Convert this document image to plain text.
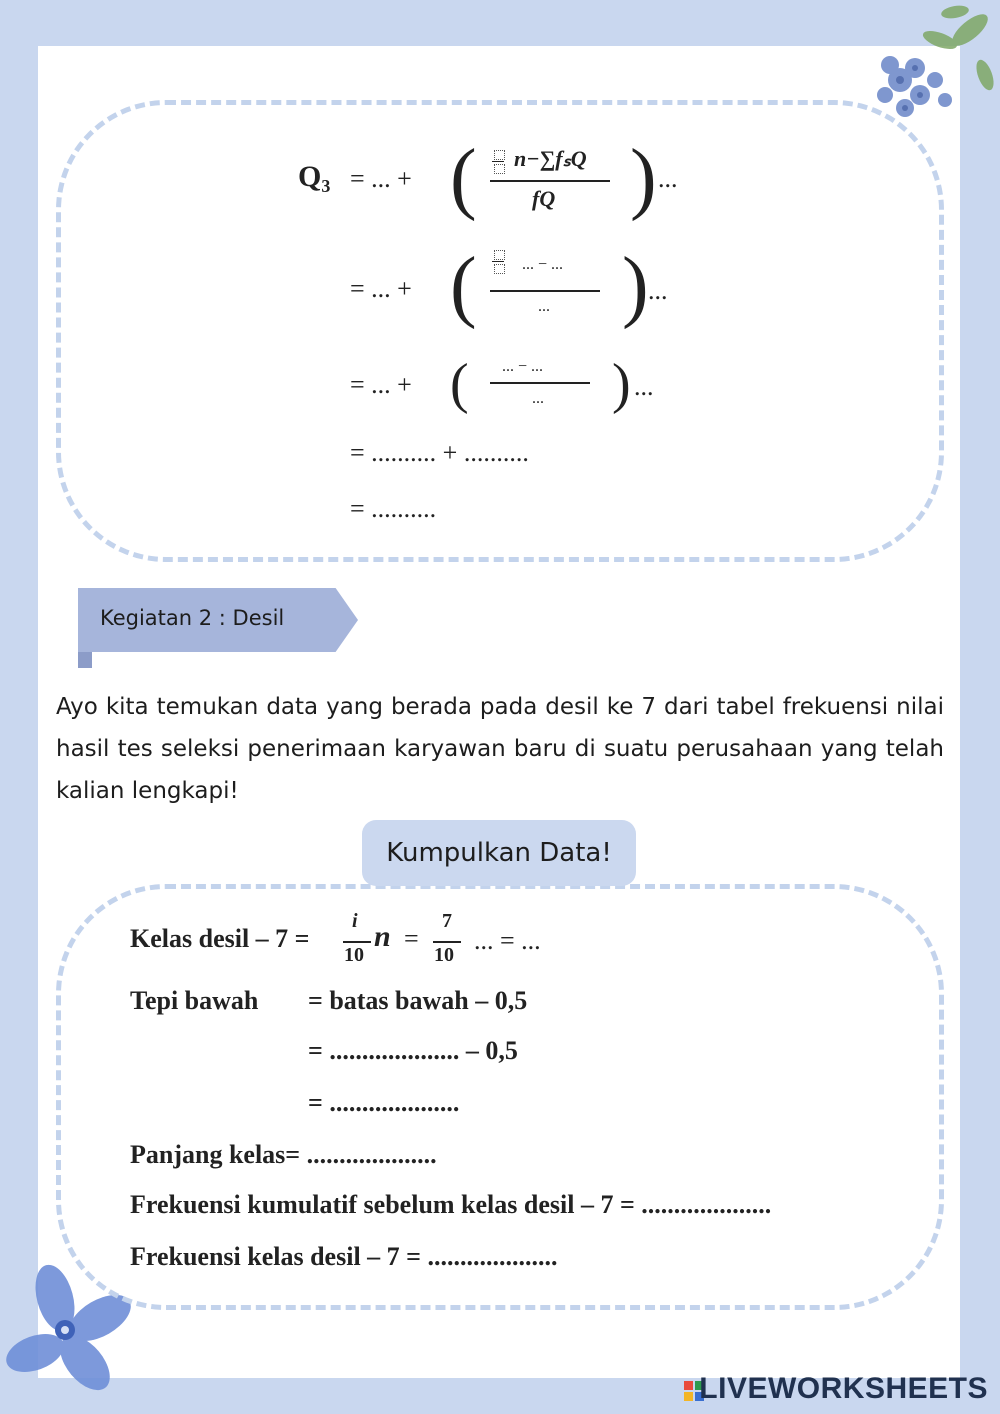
$Q_3$ = ... + ( n−∑fₛQ
fQ ) ...
= ... + (	... − ...
... ) ...
= ... + ( ... − ...
... ) ...
= .......... + ..........
= ..........
Kegiatan 2 : Desil
Ayo kita temukan data yang berada pada desil ke 7 dari tabel frekuensi nilai hasil tes seleksi penerimaan karyawan baru di suatu perusahaan yang telah kalian lengkapi!
Kumpulkan Data!
Kelas desil – 7 =
i
10
n =
7
10 ... = ...
Tepi bawah = batas bawah – 0,5
= .................... – 0,5
= ....................
Panjang kelas= ....................
Frekuensi kumulatif sebelum kelas desil – 7 = ....................
Frekuensi kelas desil – 7 = ....................
LIVEWORKSHEETS
